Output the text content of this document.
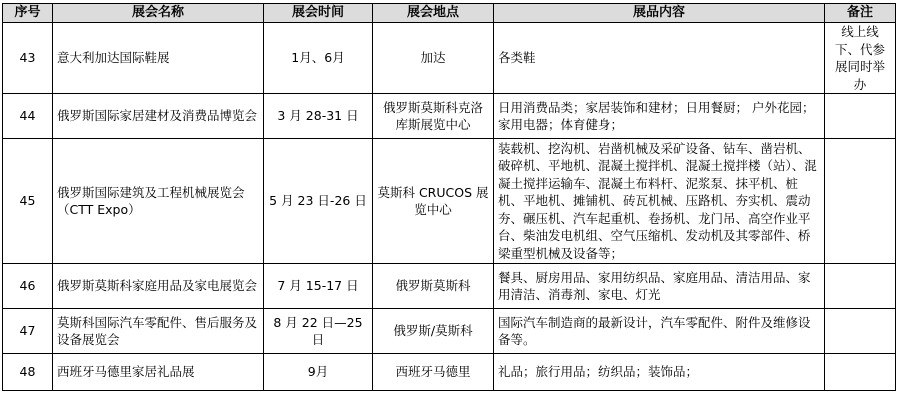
序号	展会名称	展会时间	展会地点	展品内容	备注
43	意大利加达国际鞋展	1月、6月	加达	各类鞋	线上线下、代参展同时举办
44	俄罗斯国际家居建材及消费品博览会	3 月 28-31 日	俄罗斯莫斯科克洛库斯展览中心	日用消费品类；家居装饰和建材；日用餐厨； 户外花园； 家用电器；体育健身；	
45	俄罗斯国际建筑及工程机械展览会（CTT Expo）	5 月 23 日-26 日	莫斯科 CRUCOS 展览中心	装载机、挖沟机、岩凿机械及采矿设备、钻车、凿岩机、破碎机、平地机、混凝土搅拌机、混凝土搅拌楼（站）、混凝土搅拌运输车、混凝土布料杆、泥浆泵、抹平机、桩机、平地机、摊铺机、砖瓦机械、压路机、夯实机、震动夯、碾压机、汽车起重机、卷扬机、龙门吊、高空作业平台、柴油发电机组、空气压缩机、发动机及其零部件、桥梁重型机械及设备等；	
46	俄罗斯莫斯科家庭用品及家电展览会	7 月 15-17 日	俄罗斯莫斯科	餐具、厨房用品、家用纺织品、家庭用品、清洁用品、家用清洁、消毒剂、家电、灯光	
47	莫斯科国际汽车零配件、售后服务及设备展览会	8 月 22 日—25 日	俄罗斯/莫斯科	国际汽车制造商的最新设计，汽车零配件、附件及维修设备等。	
48	西班牙马德里家居礼品展	9月	西班牙马德里	礼品；旅行用品；纺织品；装饰品；	
